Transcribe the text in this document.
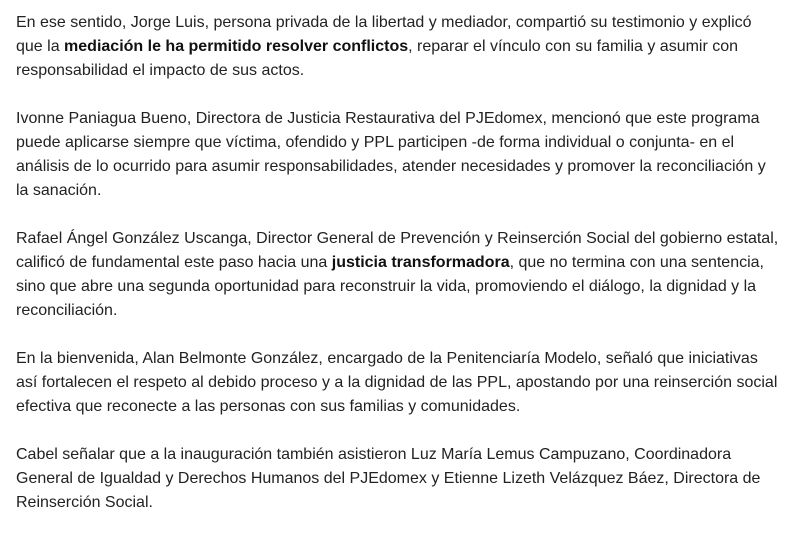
En ese sentido, Jorge Luis, persona privada de la libertad y mediador, compartió su testimonio y explicó que la mediación le ha permitido resolver conflictos, reparar el vínculo con su familia y asumir con responsabilidad el impacto de sus actos.

Ivonne Paniagua Bueno, Directora de Justicia Restaurativa del PJEdomex, mencionó que este programa puede aplicarse siempre que víctima, ofendido y PPL participen -de forma individual o conjunta- en el análisis de lo ocurrido para asumir responsabilidades, atender necesidades y promover la reconciliación y la sanación.

Rafael Ángel González Uscanga, Director General de Prevención y Reinserción Social del gobierno estatal, calificó de fundamental este paso hacia una justicia transformadora, que no termina con una sentencia, sino que abre una segunda oportunidad para reconstruir la vida, promoviendo el diálogo, la dignidad y la reconciliación.

En la bienvenida, Alan Belmonte González, encargado de la Penitenciaría Modelo, señaló que iniciativas así fortalecen el respeto al debido proceso y a la dignidad de las PPL, apostando por una reinserción social efectiva que reconecte a las personas con sus familias y comunidades.

Cabel señalar que a la inauguración también asistieron Luz María Lemus Campuzano, Coordinadora General de Igualdad y Derechos Humanos del PJEdomex y Etienne Lizeth Velázquez Báez, Directora de Reinserción Social.
